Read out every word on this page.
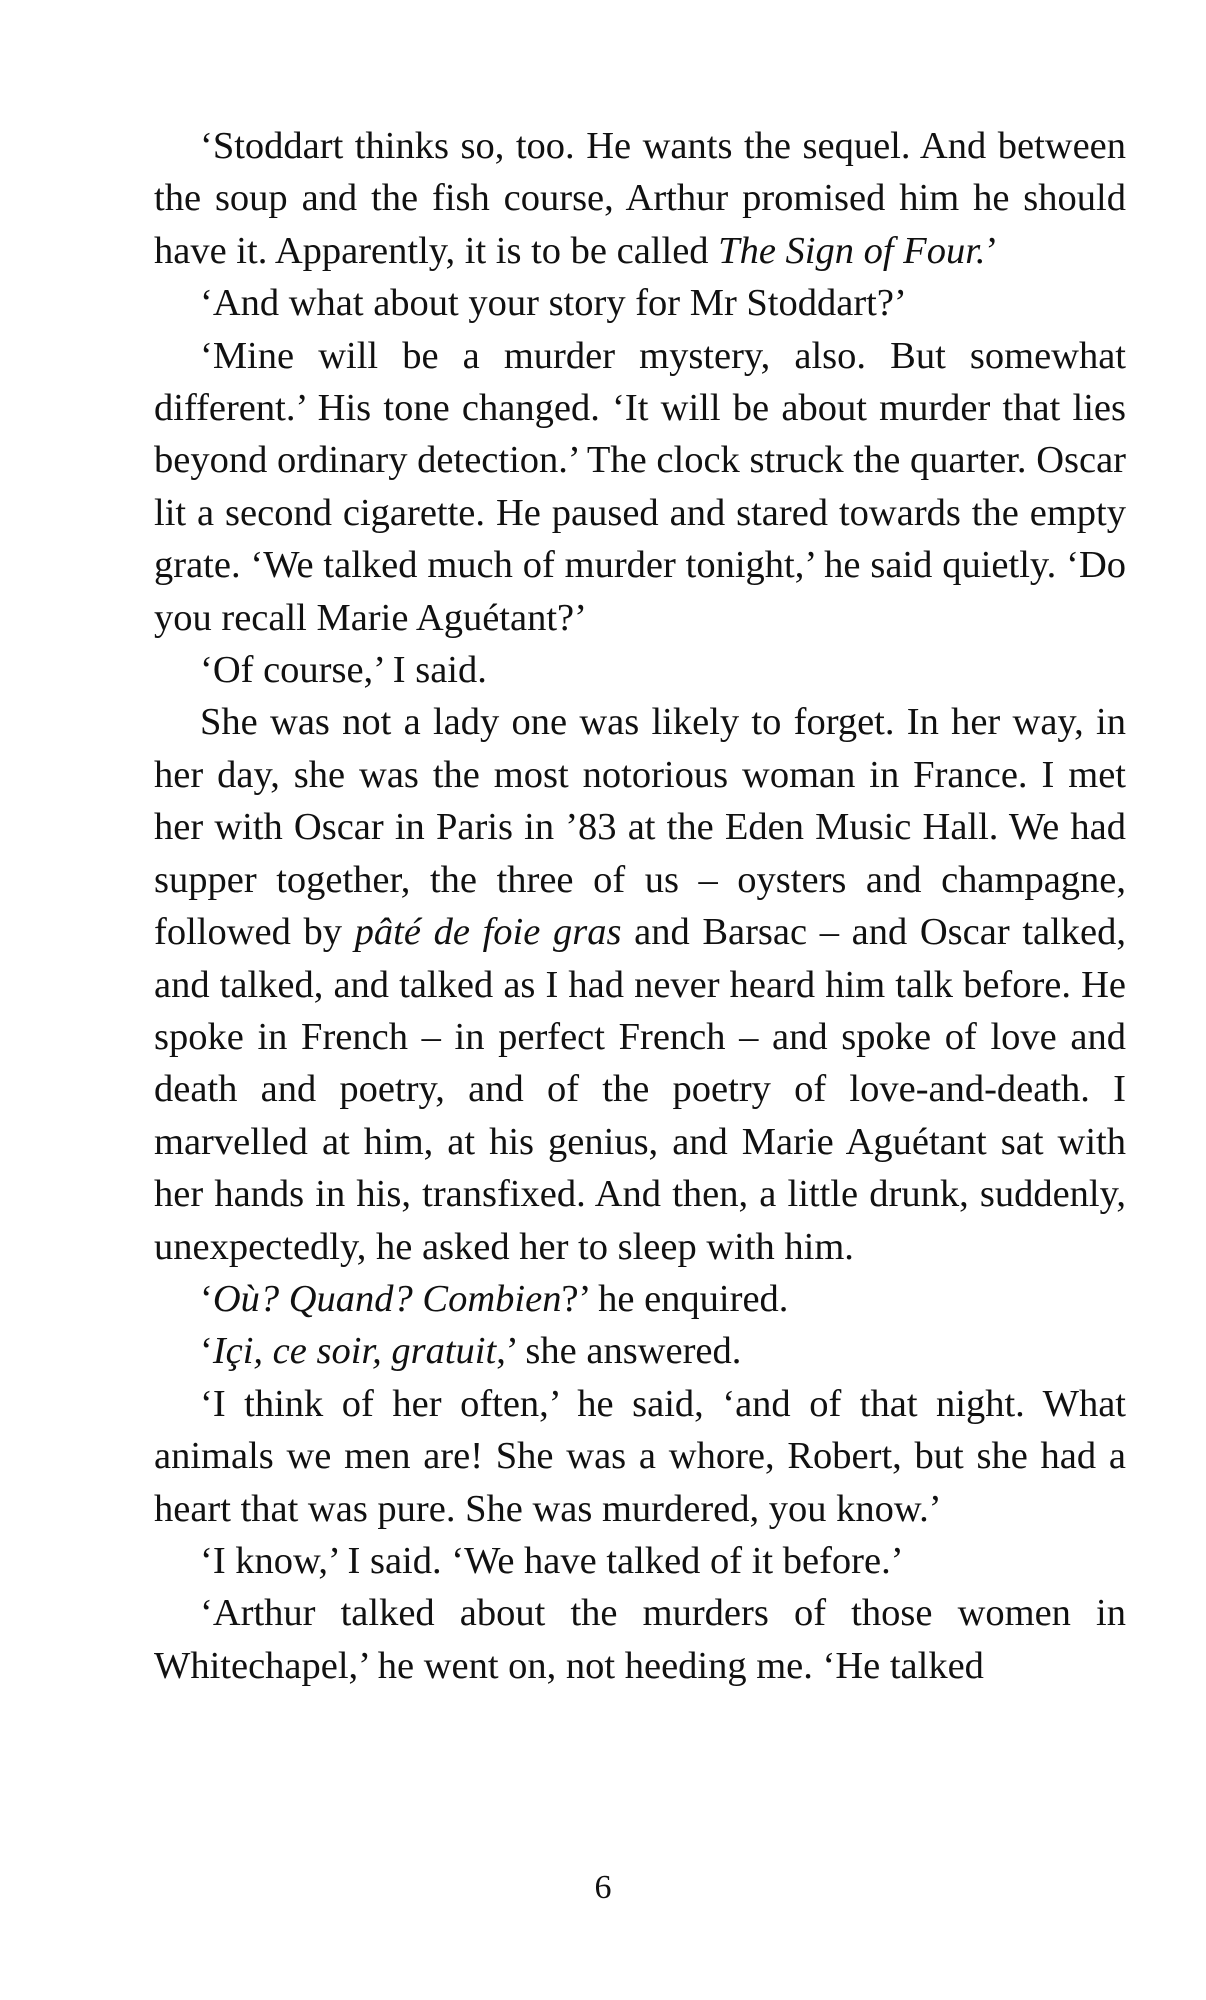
‘Stoddart thinks so, too. He wants the sequel. And between the soup and the fish course, Arthur promised him he should have it. Apparently, it is to be called The Sign of Four.’

‘And what about your story for Mr Stoddart?’

‘Mine will be a murder mystery, also. But somewhat different.’ His tone changed. ‘It will be about murder that lies beyond ordinary detection.’ The clock struck the quarter. Oscar lit a second cigarette. He paused and stared towards the empty grate. ‘We talked much of murder tonight,’ he said quietly. ‘Do you recall Marie Aguétant?’

‘Of course,’ I said.

She was not a lady one was likely to forget. In her way, in her day, she was the most notorious woman in France. I met her with Oscar in Paris in ’83 at the Eden Music Hall. We had supper together, the three of us – oysters and champagne, followed by pâté de foie gras and Barsac – and Oscar talked, and talked, and talked as I had never heard him talk before. He spoke in French – in perfect French – and spoke of love and death and poetry, and of the poetry of love-and-death. I marvelled at him, at his genius, and Marie Aguétant sat with her hands in his, transfixed. And then, a little drunk, suddenly, unexpectedly, he asked her to sleep with him.

‘Où? Quand? Combien?’ he enquired.

‘Içi, ce soir, gratuit,’ she answered.

‘I think of her often,’ he said, ‘and of that night. What animals we men are! She was a whore, Robert, but she had a heart that was pure. She was murdered, you know.’

‘I know,’ I said. ‘We have talked of it before.’

‘Arthur talked about the murders of those women in Whitechapel,’ he went on, not heeding me. ‘He talked

6
